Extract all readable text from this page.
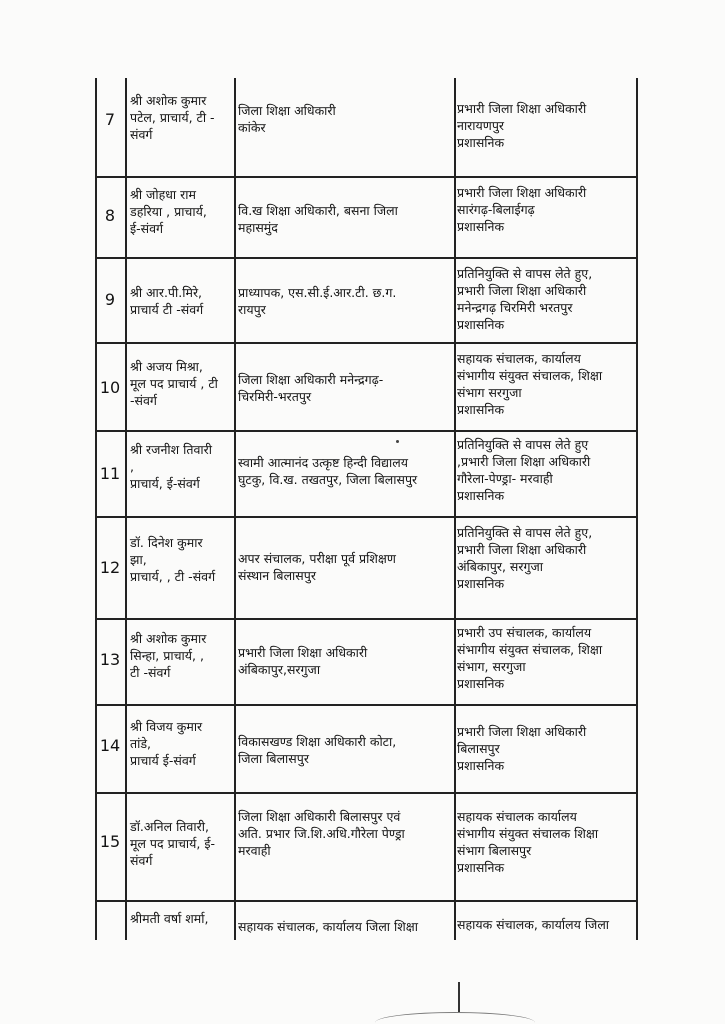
7
श्री अशोक कुमार
पटेल, प्राचार्य, टी -
संवर्ग
जिला शिक्षा अधिकारी
कांकेर
प्रभारी जिला शिक्षा अधिकारी
नारायणपुर
प्रशासनिक
8
श्री जोहधा राम
डहरिया , प्राचार्य,
ई-संवर्ग
वि.ख शिक्षा अधिकारी, बसना जिला
महासमुंद
प्रभारी जिला शिक्षा अधिकारी
सारंगढ़-बिलाईगढ़
प्रशासनिक
9	श्री आर.पी.मिरे,
प्राचार्य टी -संवर्ग
प्राध्यापक, एस.सी.ई.आर.टी. छ.ग.
रायपुर
प्रतिनियुक्ति से वापस लेते हुए,
प्रभारी जिला शिक्षा अधिकारी
मनेन्द्रगढ़ चिरमिरी भरतपुर
प्रशासनिक
10
श्री अजय मिश्रा,
मूल पद प्राचार्य , टी
-संवर्ग
जिला शिक्षा अधिकारी मनेन्द्रगढ़-
चिरमिरी-भरतपुर
सहायक संचालक, कार्यालय
संभागीय संयुक्त संचालक, शिक्षा
संभाग सरगुजा
प्रशासनिक
11
श्री रजनीश तिवारी
,
प्राचार्य, ई-संवर्ग
स्वामी आत्मानंद उत्कृष्ट हिन्दी विद्यालय
घुटकु, वि.ख. तखतपुर, जिला बिलासपुर
प्रतिनियुक्ति से वापस लेते हुए
,प्रभारी जिला शिक्षा अधिकारी
गौरेला-पेण्ड्रा- मरवाही
प्रशासनिक
12
डॉ. दिनेश कुमार
झा,
प्राचार्य, , टी -संवर्ग
अपर संचालक, परीक्षा पूर्व प्रशिक्षण
संस्थान बिलासपुर
प्रतिनियुक्ति से वापस लेते हुए,
प्रभारी जिला शिक्षा अधिकारी
अंबिकापुर, सरगुजा
प्रशासनिक
13
श्री अशोक कुमार
सिन्हा, प्राचार्य, ,
टी -संवर्ग
प्रभारी जिला शिक्षा अधिकारी
अंबिकापुर,सरगुजा
प्रभारी उप संचालक, कार्यालय
संभागीय संयुक्त संचालक, शिक्षा
संभाग, सरगुजा
प्रशासनिक
14
श्री विजय कुमार
तांडे,
प्राचार्य ई-संवर्ग
विकासखण्ड शिक्षा अधिकारी कोटा,
जिला बिलासपुर
प्रभारी जिला शिक्षा अधिकारी
बिलासपुर
प्रशासनिक
15
डॉ.अनिल तिवारी,
मूल पद प्राचार्य, ई-
संवर्ग
जिला शिक्षा अधिकारी बिलासपुर एवं
अति. प्रभार जि.शि.अधि.गौरेला पेण्ड्रा
मरवाही
सहायक संचालक कार्यालय
संभागीय संयुक्त संचालक शिक्षा
संभाग बिलासपुर
प्रशासनिक
श्रीमती वर्षा शर्मा,
सहायक संचालक, कार्यालय जिला शिक्षा	सहायक संचालक, कार्यालय जिला
